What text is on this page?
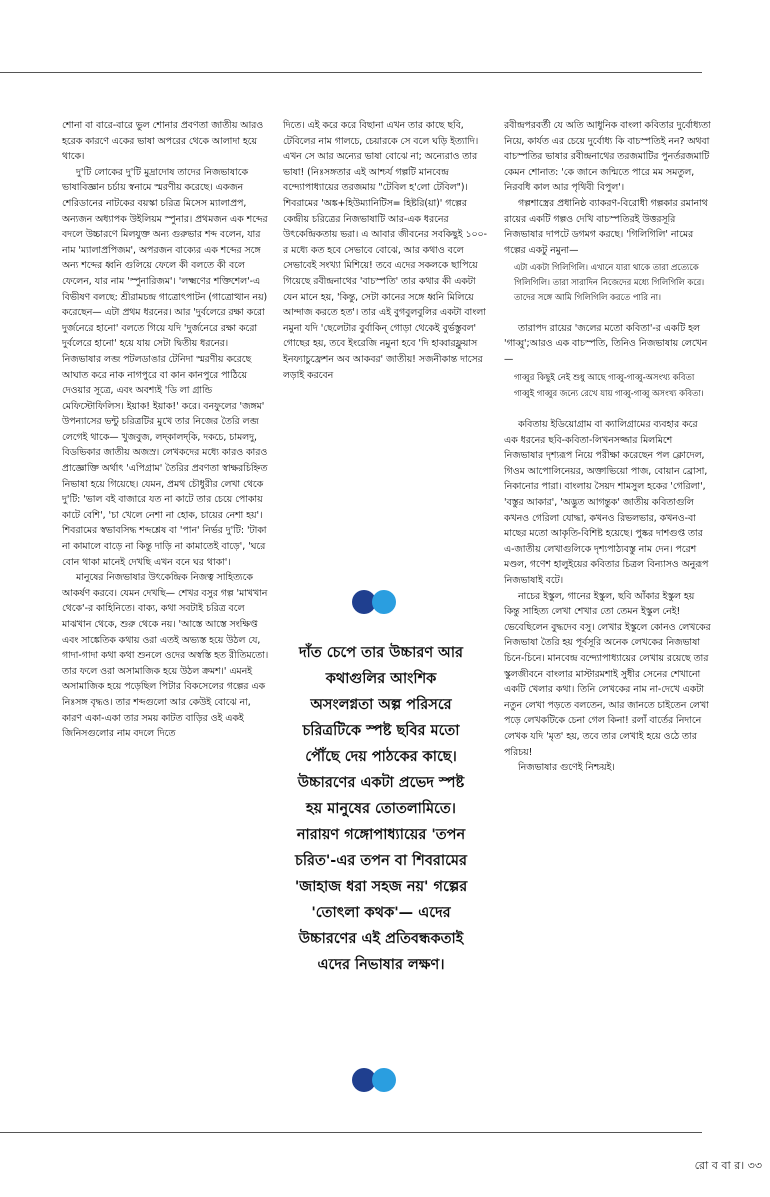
শোনা বা বারে-বারে ভুল শোনার প্রবণতা জাতীয় আরও হরেক কারণে একের ভাষা অপরের থেকে আলাদা হয়ে থাকে।

দু'টি লোকের দু'টি মুদ্রাদোষ তাদের নিজভাষাকে ভাষাবিজ্ঞান চর্চায় স্বনামে স্মরণীয় করেছে। একজন শেরিডানের নাটকের বয়স্কা চরিত্র মিসেস ম্যালাপ্রপ, অন্যজন অধ্যাপক উইলিয়ম স্পুনার। প্রথমজন এক শব্দের বদলে উচ্চারণে মিলযুক্ত অন্য গুরুভার শব্দ বলেন, যার নাম 'ম্যালাপ্রপিজম', অপরজন বাক্যের এক শব্দের সঙ্গে অন্য শব্দের ধ্বনি গুলিয়ে ফেলে কী বলতে কী বলে ফেলেন, যার নাম 'স্পুনারিজম'। 'লক্ষ্মণের শক্তিশেল'-এ বিভীষণ বলছে: শ্রীরামচন্দ্র গাত্রোৎপাটন (গাত্রোত্থান নয়) করেছেন— এটা প্রথম ধরনের। আর 'দুর্বলেরে রক্ষা করো দুর্জনেরে হানো' বলতে গিয়ে যদি 'দুর্জনেরে রক্ষা করো দুর্বলেরে হানো' হয়ে যায় সেটা দ্বিতীয় ধরনের। নিজভাষার লব্জ পটলডাঙার টেনিদা স্মরণীয় করেছে আঘাত করে নাক নাগপুরে বা কান কানপুরে পাঠিয়ে দেওয়ার সূত্রে, এবং অবশ্যই 'ডি লা গ্রান্ডি মেফিস্টোফিলিস। ইয়াক! ইয়াক!' করে। বনফুলের 'জঙ্গম' উপন্যাসের ভন্টু চরিত্রটির মুখে তার নিজের তৈরি লব্জ লেগেই থাকে— খুজবুজ, লদ্‌কালদ্‌কি, দকচে, চামলদু, বিডভিকার জাতীয় অজস্র। লেখকদের মধ্যে কারও কারও প্রাজ্ঞোক্তি অর্থাৎ 'এপিগ্রাম' তৈরির প্রবণতা স্বাক্ষরচিহ্নিত নিভাষা হয়ে গিয়েছে। যেমন, প্রমথ চৌধুরীর লেখা থেকে দু'টি: 'ভাল বই বাজারে যত না কাটে তার চেয়ে পোকায় কাটে বেশি', 'চা খেলে নেশা না হোক, চায়ের নেশা হয়'। শিবরামের স্বভাবসিদ্ধ শব্দশ্লেষ বা 'পান' নির্ভর দু'টি: 'টাকা না কামালে বাড়ে না কিন্তু দাড়ি না কামাতেই বাড়ে', 'ঘরে বোন থাকা মানেই দেখছি এখন বনে ঘর থাকা'।

মানুষের নিজভাষার উৎকেন্দ্রিক নিজত্ব সাহিত্যকে আকর্ষণ করবে। যেমন দেখছি— শেখর বসুর গল্প 'মাখখান থেকে'-র কাহিনিতে। বাক্য, কথা সবটাই চরিত্র বলে মাঝখান থেকে, শুরু থেকে নয়। 'আস্তে আস্তে সংক্ষিপ্ত এবং সাঙ্কেতিক কথায় ওরা এতই অভ্যস্ত হয়ে উঠল যে, গাদা-গাদা কথা কথা শুনলে ওদের অস্বস্তি হত রীতিমতো। তার ফলে ওরা অসামাজিক হয়ে উঠল ক্রমশ।' এমনই অসামাজিক হয়ে পড়েছিল পিটার বিকসেলের গল্পের এক নিঃসঙ্গ বৃদ্ধও। তার শব্দগুলো আর কেউই বোঝে না, কারণ একা-একা তার সময় কাটত বাড়ির ওই একই জিনিসগুলোর নাম বদলে দিতে

দিতে। এই করে করে বিছানা এখন তার কাছে ছবি, টেবিলের নাম গালচে, চেয়ারকে সে বলে ঘড়ি ইত্যাদি। এখন সে আর অন্যের ভাষা বোঝে না; অন্যেরাও তার ভাষা! (নিঃসঙ্গতার এই আশ্চর্য গল্পটি মানবেন্দ্র বন্দ্যোপাধ্যায়ের তরজমায় "টেবিল হ'লো টেবিল")। শিবরামের 'অঙ্ক+হিউম্যানিটিস= হিষ্টরি(য়া)' গল্পের কেন্দ্রীয় চরিত্রের নিজভাষাটি আর-এক ধরনের উৎকেন্দ্রিকতায় ভরা। এ আবার জীবনের সবকিছুই ১০০-র মধ্যে কত হবে সেভাবে বোঝে, আর কথাও বলে সেভাবেই সংখ্যা মিশিয়ে! তবে এদের সকলকে ছাপিয়ে গিয়েছে রবীন্দ্রনাথের 'বাচস্পতি' তার কথার কী একটা যেন মানে হয়, 'কিন্তু, সেটা কানের সঙ্গে ধ্বনি মিলিয়ে আন্দাজ করতে হত'। তার এই বুগবুলবুলির একটা বাংলা নমুনা যদি 'ছেলেটার বুৰ্বাকিন্‌ গোড়া থেকেই বুৰ্ভস্তুবল' গোছের হয়, তবে ইংরেজি নমুনা হবে 'দি হাব্বারফ্লুয়াস ইনফ্যাচুফ্রেশন অব আকবর' জাতীয়! সজনীকান্ত দাসের লড়াই করবেন

দাঁত চেপে তার উচ্চারণ আর কথাগুলির আংশিক অসংলগ্নতা অল্প পরিসরে চরিত্রটিকে স্পষ্ট ছবির মতো পৌঁছে দেয় পাঠকের কাছে। উচ্চারণের একটা প্রভেদ স্পষ্ট হয় মানুষের তোতলামিতে। নারায়ণ গঙ্গোপাধ্যায়ের 'তপন চরিত'-এর তপন বা শিবরামের 'জাহাজ ধরা সহজ নয়' গল্পের 'তোৎলা কথক'— এদের উচ্চারণের এই প্রতিবন্ধকতাই এদের নিভাষার লক্ষণ।

রবীন্দ্রপরবর্তী যে অতি আধুনিক বাংলা কবিতার দুর্বোধ্যতা নিয়ে, কার্যত এর চেয়ে দুর্বোধ্য কি বাচস্পতিই নন? অথবা বাচস্পতির ভাষার রবীন্দ্রনাথের তরজমাটির পুনর্তরজমাটি কেমন শোনাত: 'কে জানে জন্মিতে পারে মম সমতুল, নিরবধি কাল আর পৃথিবী বিপুল'।

গল্পশাস্ত্রের প্রধানিষ্ঠ ব্যাকরণ-বিরোধী গল্পকার রমানাথ রায়ের একটি গল্পও দেখি বাচস্পতিরই উত্তরসূরি নিজভাষার দাপটে ডগমগ করছে। 'গিলিগিলি' নামের গল্পের একটু নমুনা—

এটা একটা গিলিগিলি। এখানে যারা থাকে তারা প্রত্যেকে গিলিগিলি। তারা সারাদিন নিজেদের মধ্যে গিলিগিলি করে। তাদের সঙ্গে আমি গিলিগিলি করতে পারি না।

তারাপদ রায়ের 'জলের মতো কবিতা'-র একটি হল 'গাব্বু';আরও এক বাচস্পতি, তিনিও নিজভাষায় লেখেন—

গাব্বুর কিছুই নেই শুধু আছে গাব্বু-গাব্বু-অসংখ্য কবিতা

গাব্বুই গাব্বুর জন্যে রেখে যায় গাব্বু-গাব্বু অসংখ্য কবিতা।

কবিতায় ইডিয়োগ্রাম বা ক্যালিগ্রামের ব্যবহার করে এক ধরনের ছবি-কবিতা-লিখনসজ্জার মিলমিশে নিজভাষার দৃশ্যরূপ নিয়ে পরীক্ষা করেছেন পল ক্লোদেল, গিওম আপোলিনেয়র, অক্তাভিয়ো পাজ, বোয়ান ব্রোসা, নিকানোর পারা। বাংলায় সৈয়দ শামসুল হকের 'গেরিলা', 'বস্তুর আকার', 'অদ্ভুত আগন্তুক' জাতীয় কবিতাগুলি কখনও গেরিলা যোদ্ধা, কখনও রিভলভার, কখনও-বা মাছের মতো আকৃতি-বিশিষ্ট হয়েছে। পুষ্কর দাশগুপ্ত তার এ-জাতীয় লেখাগুলিকে দৃশ্যপাঠ্যবস্তু নাম দেন। পরেশ মণ্ডল, গণেশ হালুইয়ের কবিতার চিত্রল বিন্যাসও অনুরূপ নিজভাষাই বটে।

নাচের ইস্কুল, গানের ইস্কুল, ছবি আঁকার ইস্কুল হয় কিন্তু সাহিত্য লেখা শেখার তো তেমন ইস্কুল নেই! ভেবেছিলেন বুদ্ধদেব বসু। লেখার ইস্কুলে কোনও লেখকের নিজভাষা তৈরি হয় পূর্বসূরি অনেক লেখকের নিজভাষা চিনে-চিনে। মানবেন্দ্র বন্দ্যোপাধ্যায়ের লেখায় রয়েছে তার স্কুলজীবনে বাংলার মাস্টারমশাই সুধীর সেনের শেখানো একটি খেলার কথা। তিনি লেখকের নাম না-দেখে একটা নতুন লেখা পড়তে বলতেন, আর জানতে চাইতেন লেখা পড়ে লেখকটিকে চেনা গেল কিনা! রলাঁ বার্তের নিদানে লেখক যদি 'মৃত' হয়, তবে তার লেখাই হয়ে ওঠে তার পরিচয়!

নিজভাষার গুণেই নিশ্চয়ই।

রো ব বা র। ৩৩
